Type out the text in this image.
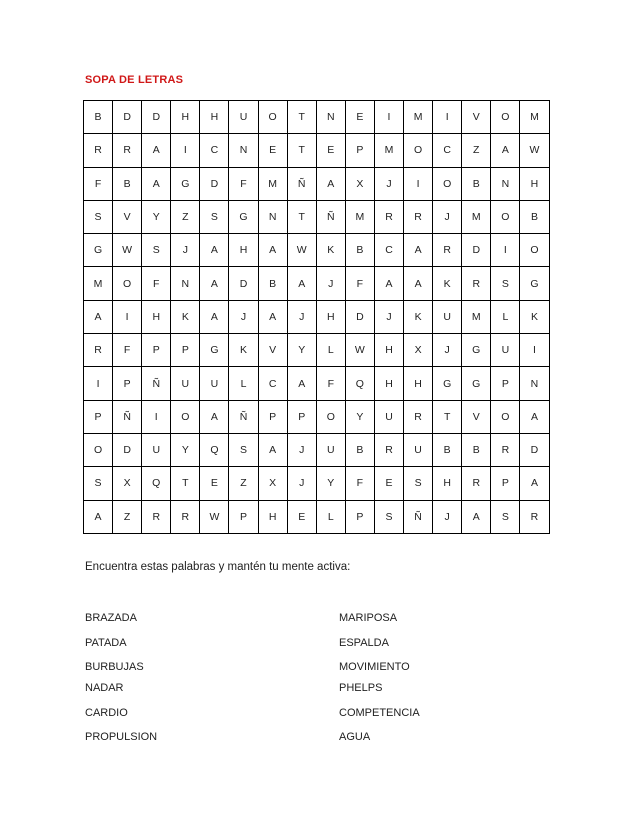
SOPA DE LETRAS
B	D	D	H	H	U	O	T	N	E	I	M	I	V	O	M
R	R	A	I	C	N	E	T	E	P	M	O	C	Z	A	W
F	B	A	G	D	F	M	Ñ	A	X	J	I	O	B	N	H
S	V	Y	Z	S	G	N	T	Ñ	M	R	R	J	M	O	B
G	W	S	J	A	H	A	W	K	B	C	A	R	D	I	O
M	O	F	N	A	D	B	A	J	F	A	A	K	R	S	G
A	I	H	K	A	J	A	J	H	D	J	K	U	M	L	K
R	F	P	P	G	K	V	Y	L	W	H	X	J	G	U	I
I	P	Ñ	U	U	L	C	A	F	Q	H	H	G	G	P	N
P	Ñ	I	O	A	Ñ	P	P	O	Y	U	R	T	V	O	A
O	D	U	Y	Q	S	A	J	U	B	R	U	B	B	R	D
S	X	Q	T	E	Z	X	J	Y	F	E	S	H	R	P	A
A	Z	R	R	W	P	H	E	L	P	S	Ñ	J	A	S	R
Encuentra estas palabras y mantén tu mente activa:
BRAZADA
PATADA
BURBUJAS
NADAR
CARDIO
PROPULSION
MARIPOSA
ESPALDA
MOVIMIENTO
PHELPS
COMPETENCIA
AGUA
